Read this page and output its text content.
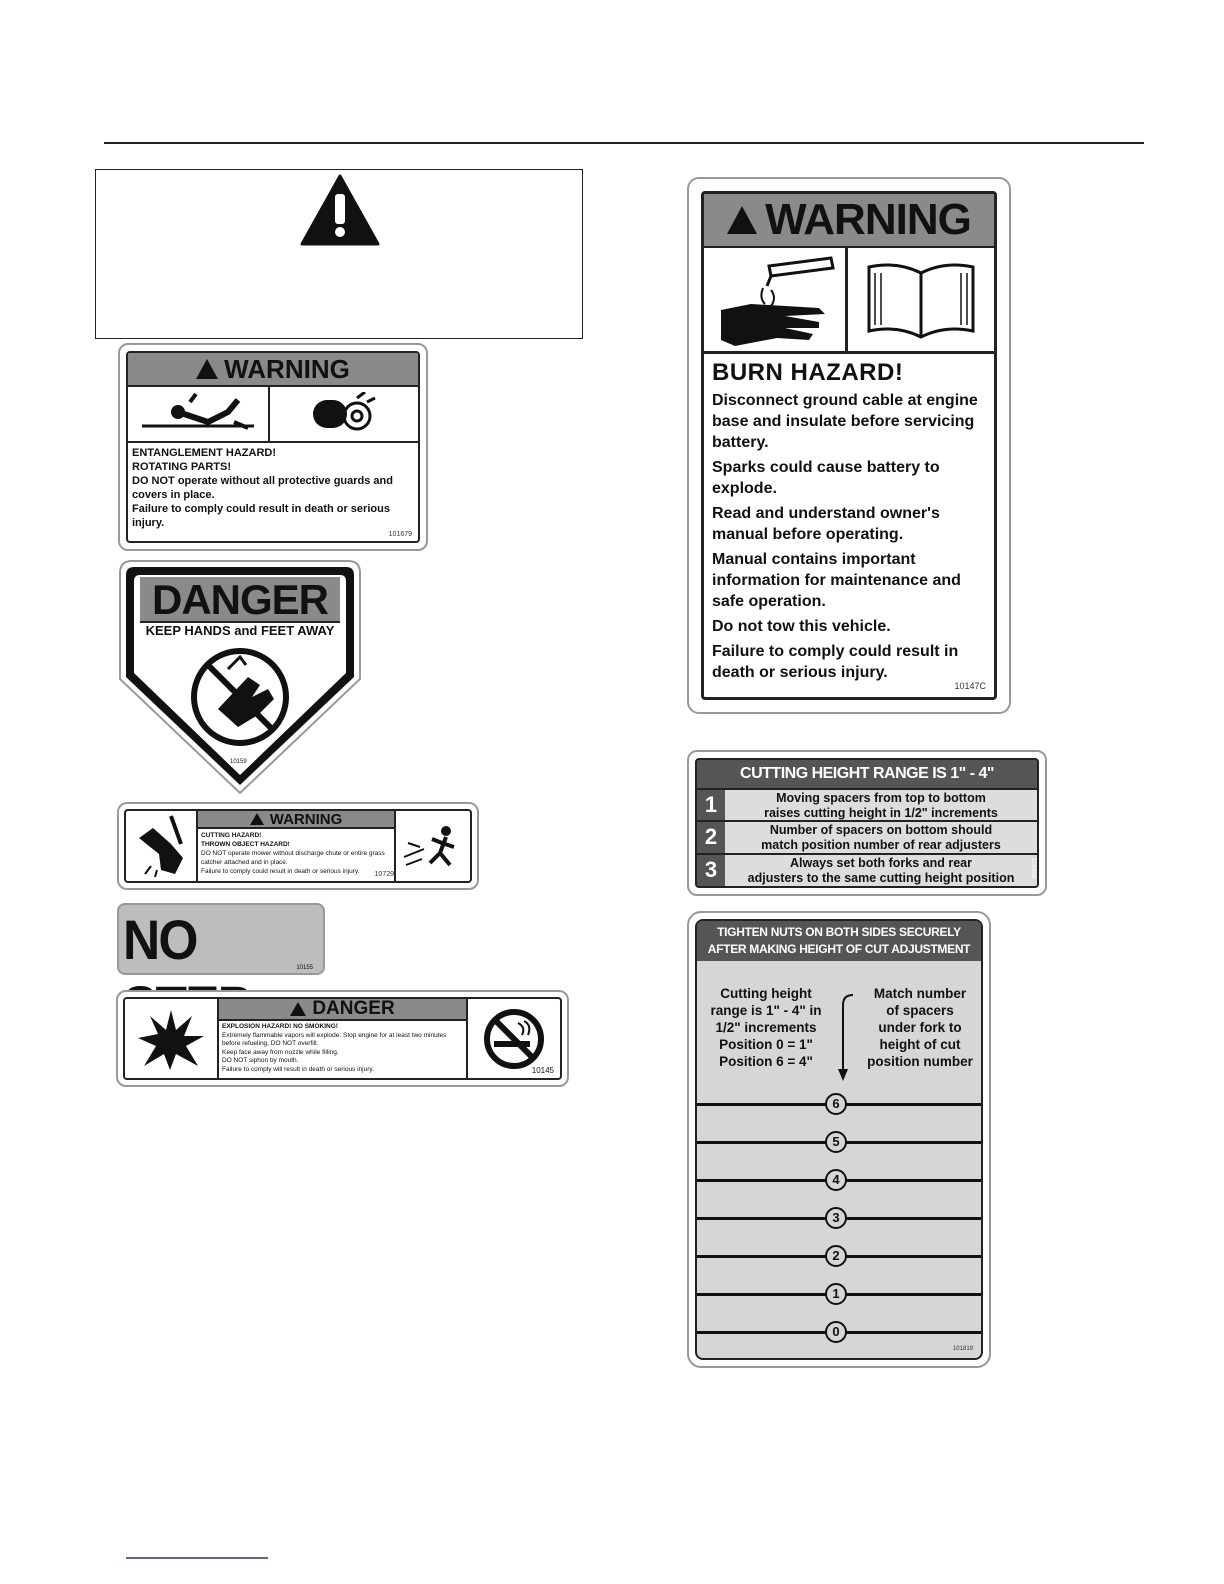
WARNING
ENTANGLEMENT HAZARD!
ROTATING PARTS!
DO NOT operate without all protective guards and covers in place.
Failure to comply could result in death or serious injury.
101679
DANGER
KEEP HANDS and FEET AWAY
10159
WARNING
CUTTING HAZARD!
THROWN OBJECT HAZARD!
DO NOT operate mower without discharge chute or entire grass catcher attached and in place.
Failure to comply could result in death or serious injury.	10729
NO	10155
DANGER
EXPLOSION HAZARD! NO SMOKING!
Extremely flammable vapors will explode. Stop engine for at least two minutes before refueling, DO NOT overfill.
Keep face away from nozzle while filling.
DO NOT siphon by mouth.
Failure to comply will result in death or serious injury.	10145
WARNING
BURN HAZARD!
Disconnect ground cable at engine base and insulate before servicing battery.
Sparks could cause battery to explode.
Read and understand owner's manual before operating.
Manual contains important information for maintenance and safe operation.
Do not tow this vehicle.
Failure to comply could result in death or serious injury.
10147C
CUTTING HEIGHT RANGE IS 1" - 4"
1	Moving spacers from top to bottom
raises cutting height in 1/2" increments
2	Number of spacers on bottom should
match position number of rear adjusters
3	Always set both forks and rear
adjusters to the same cutting height position	101808
TIGHTEN NUTS ON BOTH SIDES SECURELY
AFTER MAKING HEIGHT OF CUT ADJUSTMENT
Cutting height
range is 1" - 4" in
1/2" increments
Position 0 = 1"
Position 6 = 4"
Match number
of spacers
under fork to
height of cut
position number
6
5
4
3
2
1
0
101819
